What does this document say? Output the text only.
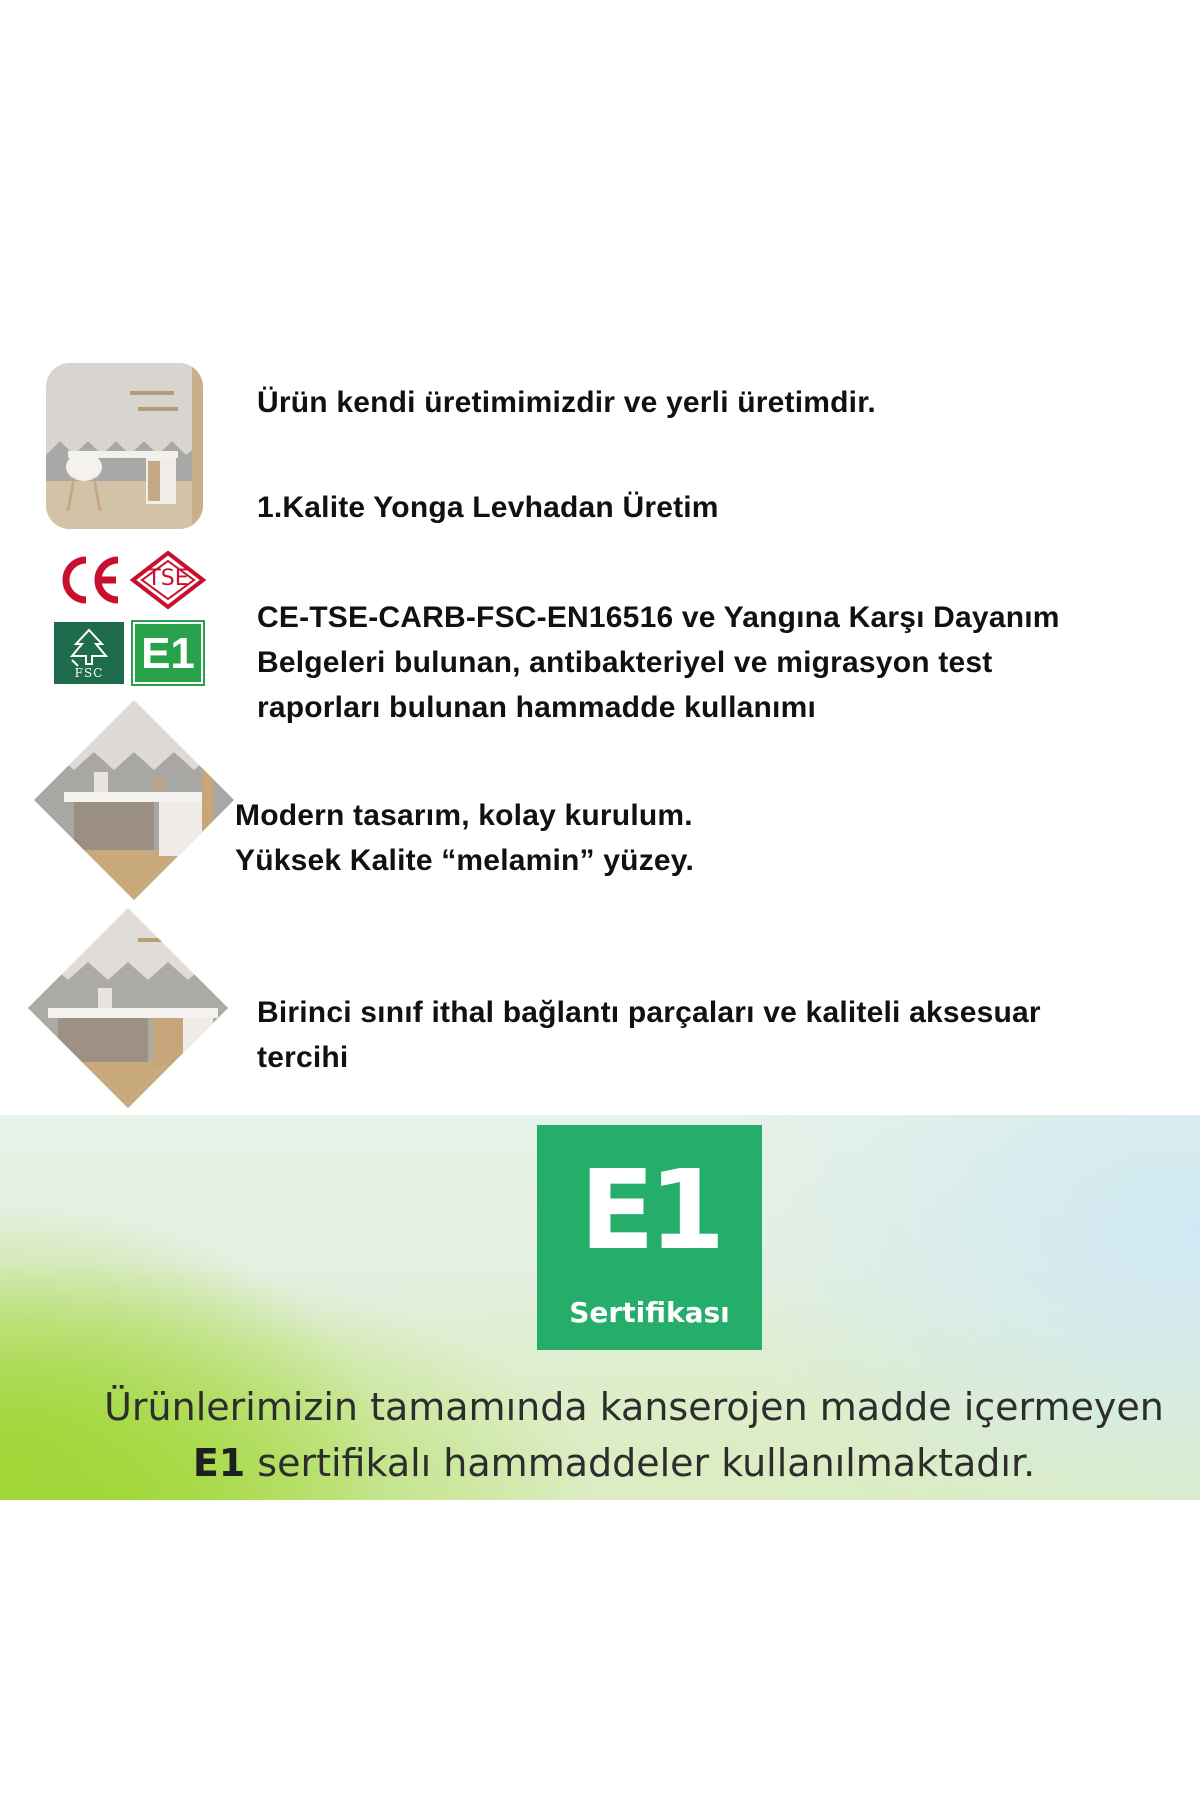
Ürün kendi üretimimizdir ve yerli üretimdir.
1.Kalite Yonga Levhadan Üretim
TSE
FSC E1
CE-TSE-CARB-FSC-EN16516 ve Yangına Karşı Dayanım
Belgeleri bulunan, antibakteriyel ve migrasyon test
raporları bulunan hammadde kullanımı
Modern tasarım, kolay kurulum.
Yüksek Kalite “melamin” yüzey.
Birinci sınıf ithal bağlantı parçaları ve kaliteli aksesuar
tercihi
E1
Sertifikası
Ürünlerimizin tamamında kanserojen madde içermeyen
E1 sertifikalı hammaddeler kullanılmaktadır.
